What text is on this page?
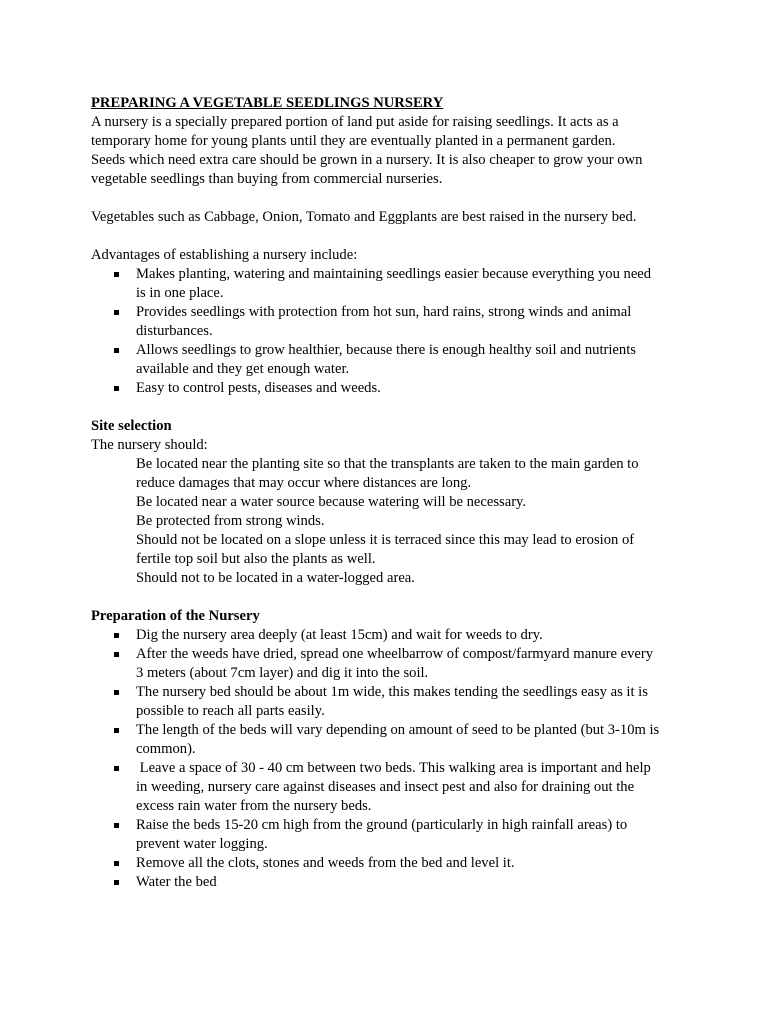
PREPARING A VEGETABLE SEEDLINGS NURSERY
A nursery is a specially prepared portion of land put aside for raising seedlings. It acts as a
temporary home for young plants until they are eventually planted in a permanent garden.
Seeds which need extra care should be grown in a nursery. It is also cheaper to grow your own
vegetable seedlings than buying from commercial nurseries.
Vegetables such as Cabbage, Onion, Tomato and Eggplants are best raised in the nursery bed.
Advantages of establishing a nursery include:
Makes planting, watering and maintaining seedlings easier because everything you need
is in one place.
Provides seedlings with protection from hot sun, hard rains, strong winds and animal
disturbances.
Allows seedlings to grow healthier, because there is enough healthy soil and nutrients
available and they get enough water.
Easy to control pests, diseases and weeds.
Site selection
The nursery should:
Be located near the planting site so that the transplants are taken to the main garden to
reduce damages that may occur where distances are long.
Be located near a water source because watering will be necessary.
Be protected from strong winds.
Should not be located on a slope unless it is terraced since this may lead to erosion of
fertile top soil but also the plants as well.
Should not to be located in a water-logged area.
Preparation of the Nursery
Dig the nursery area deeply (at least 15cm) and wait for weeds to dry.
After the weeds have dried, spread one wheelbarrow of compost/farmyard manure every
3 meters (about 7cm layer) and dig it into the soil.
The nursery bed should be about 1m wide, this makes tending the seedlings easy as it is
possible to reach all parts easily.
The length of the beds will vary depending on amount of seed to be planted (but 3-10m is
common).
Leave a space of 30 - 40 cm between two beds. This walking area is important and help
in weeding, nursery care against diseases and insect pest and also for draining out the
excess rain water from the nursery beds.
Raise the beds 15-20 cm high from the ground (particularly in high rainfall areas) to
prevent water logging.
Remove all the clots, stones and weeds from the bed and level it.
Water the bed
